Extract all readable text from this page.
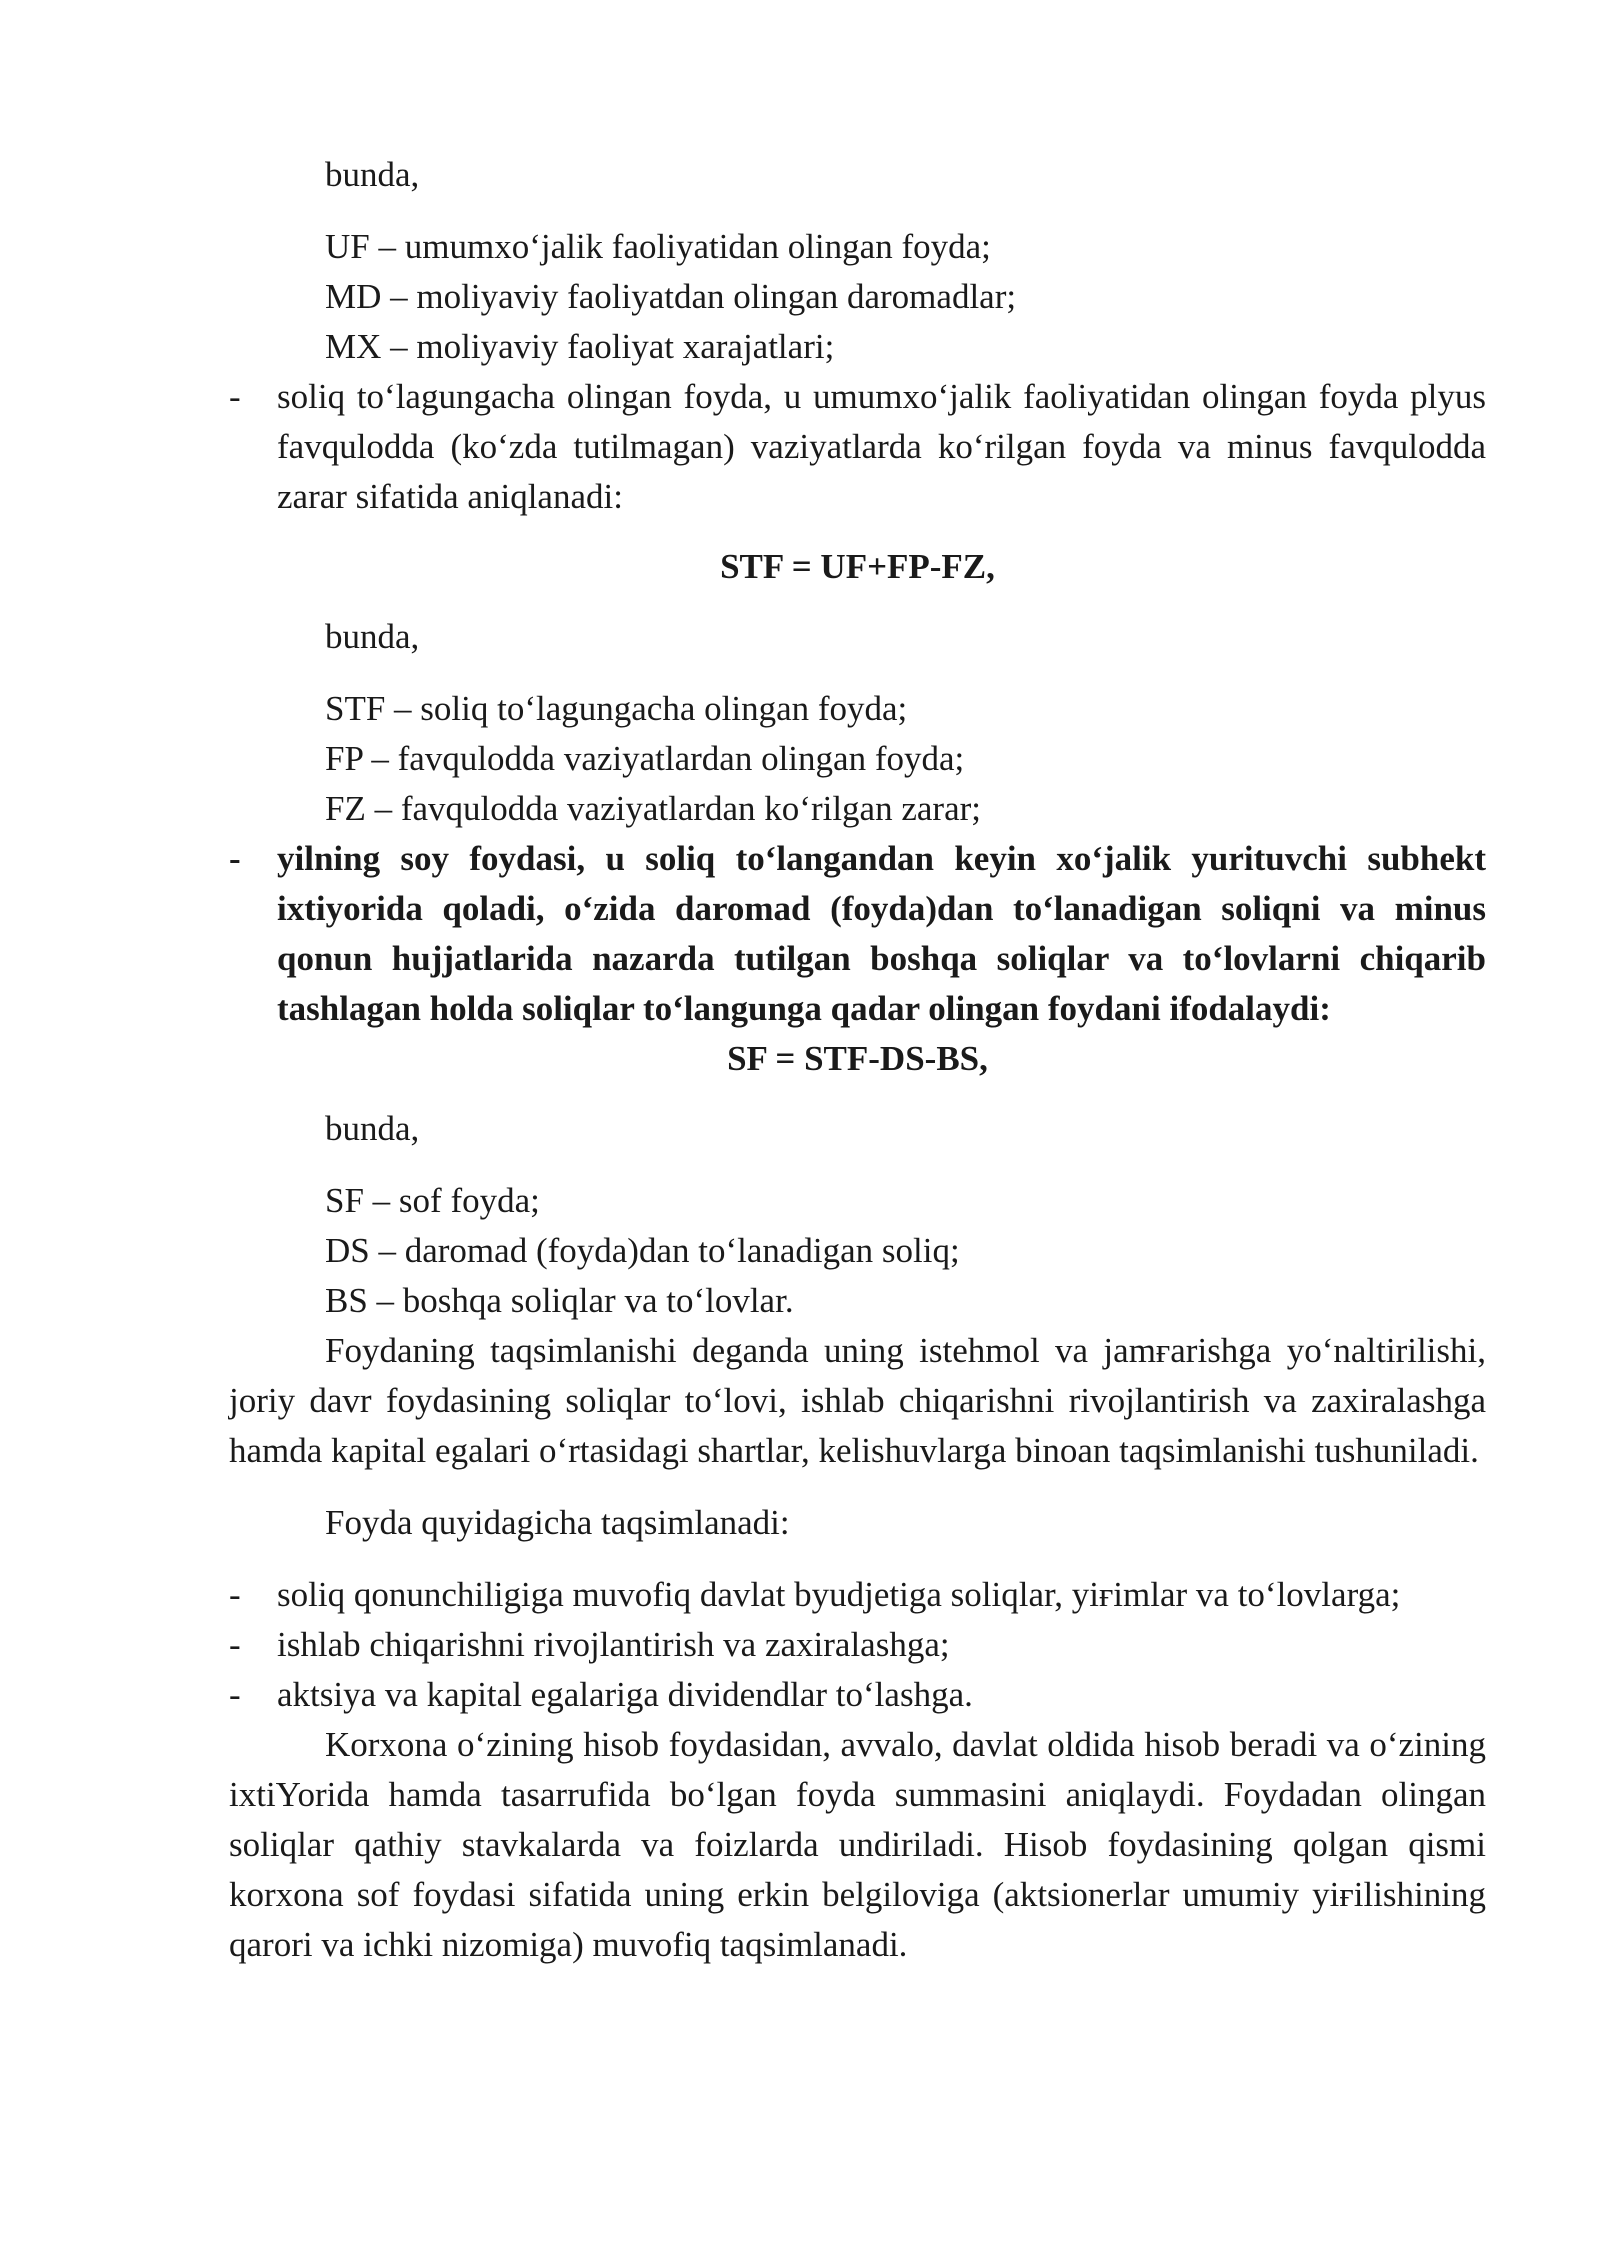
bunda,

UF – umumxoʻjalik faoliyatidan olingan foyda;

MD – moliyaviy faoliyatdan olingan daromadlar;

MX – moliyaviy faoliyat xarajatlari;

-	soliq toʻlagungacha olingan foyda, u umumxoʻjalik faoliyatidan olingan foyda plyus favqulodda (koʻzda tutilmagan) vaziyatlarda koʻrilgan foyda va minus favqulodda zarar sifatida aniqlanadi:

STF = UF+FP-FZ,

bunda,

STF – soliq toʻlagungacha olingan foyda;

FP – favqulodda vaziyatlardan olingan foyda;

FZ – favqulodda vaziyatlardan koʻrilgan zarar;

-	yilning soy foydasi, u soliq toʻlangandan keyin xoʻjalik yurituvchi subhekt ixtiyorida qoladi, oʻzida daromad (foyda)dan toʻlanadigan soliqni va minus qonun hujjatlarida nazarda tutilgan boshqa soliqlar va toʻlovlarni chiqarib tashlagan holda soliqlar toʻlangunga qadar olingan foydani ifodalaydi:

SF = STF-DS-BS,

bunda,

SF – sof foyda;

DS – daromad (foyda)dan toʻlanadigan soliq;

BS – boshqa soliqlar va toʻlovlar.

Foydaning taqsimlanishi deganda uning istehmol va jamғarishga yoʻnaltirilishi, joriy davr foydasining soliqlar toʻlovi, ishlab chiqarishni rivojlantirish va zaxiralashga hamda kapital egalari oʻrtasidagi shartlar, kelishuvlarga binoan taqsimlanishi tushuniladi.

Foyda quyidagicha taqsimlanadi:

-	soliq qonunchiligiga muvofiq davlat byudjetiga soliqlar, yiғimlar va toʻlovlarga;
-	ishlab chiqarishni rivojlantirish va zaxiralashga;
-	aktsiya va kapital egalariga dividendlar toʻlashga.

Korxona oʻzining hisob foydasidan, avvalo, davlat oldida hisob beradi va oʻzining ixtiYorida hamda tasarrufida boʻlgan foyda summasini aniqlaydi. Foydadan olingan soliqlar qathiy stavkalarda va foizlarda undiriladi. Hisob foydasining qolgan qismi korxona sof foydasi sifatida uning erkin belgiloviga (aktsionerlar umumiy yiғilishining qarori va ichki nizomiga) muvofiq taqsimlanadi.
